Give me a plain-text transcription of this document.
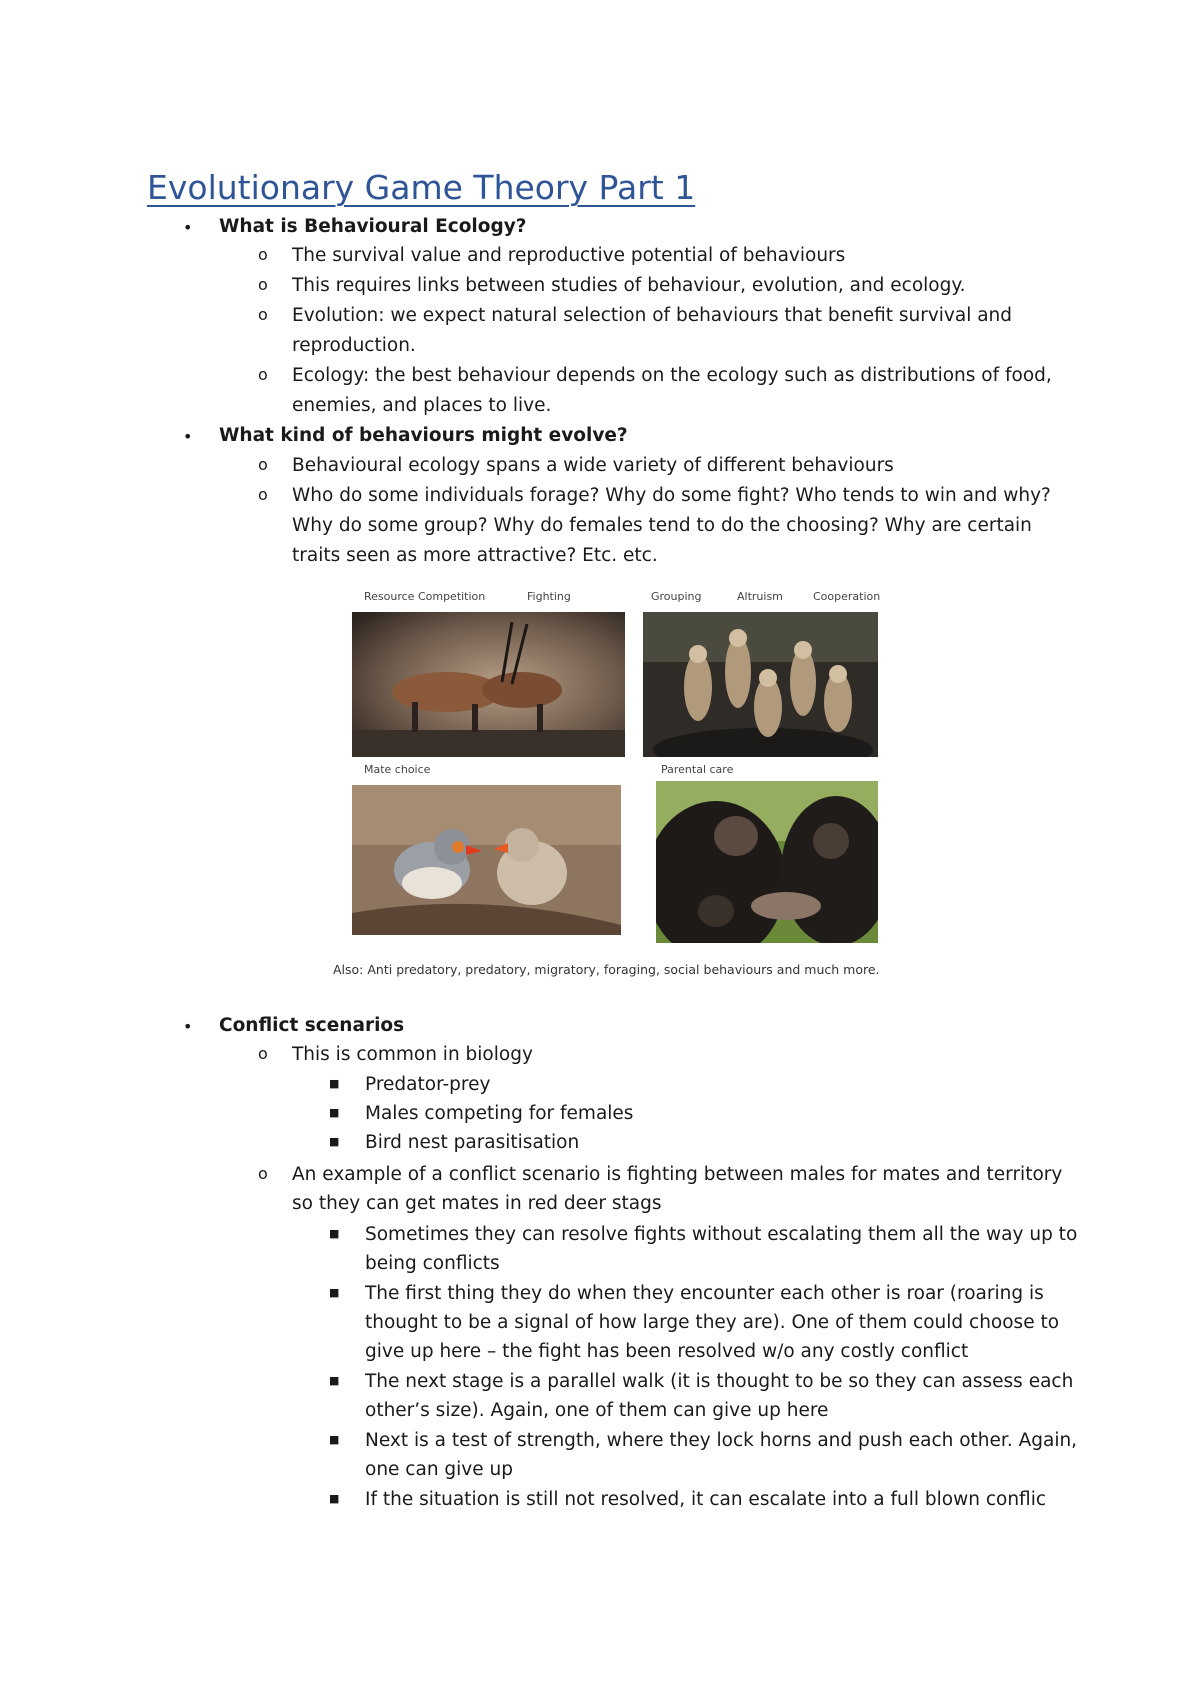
Evolutionary Game Theory Part 1
• What is Behavioural Ecology?
o The survival value and reproductive potential of behaviours
o This requires links between studies of behaviour, evolution, and ecology.
o Evolution: we expect natural selection of behaviours that benefit survival and
reproduction.
o Ecology: the best behaviour depends on the ecology such as distributions of food,
enemies, and places to live.
• What kind of behaviours might evolve?
o Behavioural ecology spans a wide variety of different behaviours
o Who do some individuals forage? Why do some fight? Who tends to win and why?
Why do some group? Why do females tend to do the choosing? Why are certain
traits seen as more attractive? Etc. etc.
Resource Competition	Fighting	Grouping	Altruism	Cooperation
Mate choice	Parental care
Also: Anti predatory, predatory, migratory, foraging, social behaviours and much more.
• Conflict scenarios
o This is common in biology
■ Predator-prey
■ Males competing for females
■ Bird nest parasitisation
o An example of a conflict scenario is fighting between males for mates and territory
so they can get mates in red deer stags
■ Sometimes they can resolve fights without escalating them all the way up to
being conflicts
■ The first thing they do when they encounter each other is roar (roaring is
thought to be a signal of how large they are). One of them could choose to
give up here – the fight has been resolved w/o any costly conflict
■ The next stage is a parallel walk (it is thought to be so they can assess each
other’s size). Again, one of them can give up here
■ Next is a test of strength, where they lock horns and push each other. Again,
one can give up
■ If the situation is still not resolved, it can escalate into a full blown conflic
